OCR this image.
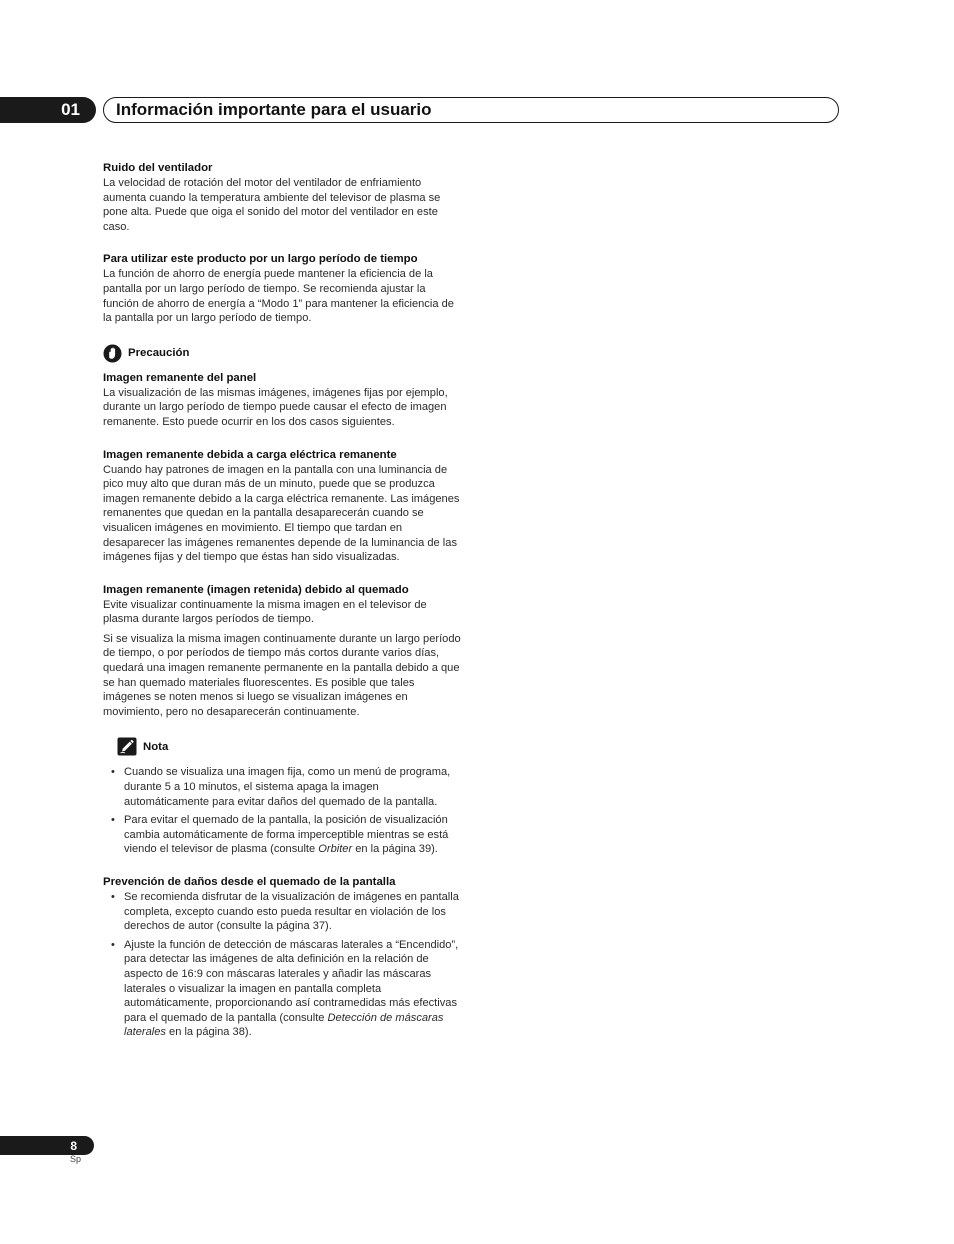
01 Información importante para el usuario
Ruido del ventilador

La velocidad de rotación del motor del ventilador de enfriamiento aumenta cuando la temperatura ambiente del televisor de plasma se pone alta. Puede que oiga el sonido del motor del ventilador en este caso.

Para utilizar este producto por un largo período de tiempo

La función de ahorro de energía puede mantener la eficiencia de la pantalla por un largo período de tiempo. Se recomienda ajustar la función de ahorro de energía a “Modo 1” para mantener la eficiencia de la pantalla por un largo período de tiempo.

Precaución
Imagen remanente del panel

La visualización de las mismas imágenes, imágenes fijas por ejemplo, durante un largo período de tiempo puede causar el efecto de imagen remanente. Esto puede ocurrir en los dos casos siguientes.

Imagen remanente debida a carga eléctrica remanente

Cuando hay patrones de imagen en la pantalla con una luminancia de pico muy alto que duran más de un minuto, puede que se produzca imagen remanente debido a la carga eléctrica remanente. Las imágenes remanentes que quedan en la pantalla desaparecerán cuando se visualicen imágenes en movimiento. El tiempo que tardan en desaparecer las imágenes remanentes depende de la luminancia de las imágenes fijas y del tiempo que éstas han sido visualizadas.

Imagen remanente (imagen retenida) debido al quemado

Evite visualizar continuamente la misma imagen en el televisor de plasma durante largos períodos de tiempo.

Si se visualiza la misma imagen continuamente durante un largo período de tiempo, o por períodos de tiempo más cortos durante varios días, quedará una imagen remanente permanente en la pantalla debido a que se han quemado materiales fluorescentes. Es posible que tales imágenes se noten menos si luego se visualizan imágenes en movimiento, pero no desaparecerán continuamente.

Nota
• Cuando se visualiza una imagen fija, como un menú de programa, durante 5 a 10 minutos, el sistema apaga la imagen automáticamente para evitar daños del quemado de la pantalla.
• Para evitar el quemado de la pantalla, la posición de visualización cambia automáticamente de forma imperceptible mientras se está viendo el televisor de plasma (consulte Orbiter en la página 39).
Prevención de daños desde el quemado de la pantalla
• Se recomienda disfrutar de la visualización de imágenes en pantalla completa, excepto cuando esto pueda resultar en violación de los derechos de autor (consulte la página 37).
• Ajuste la función de detección de máscaras laterales a “Encendido”, para detectar las imágenes de alta definición en la relación de aspecto de 16:9 con máscaras laterales y añadir las máscaras laterales o visualizar la imagen en pantalla completa automáticamente, proporcionando así contramedidas más efectivas para el quemado de la pantalla (consulte Detección de máscaras laterales en la página 38).
8
Sp
